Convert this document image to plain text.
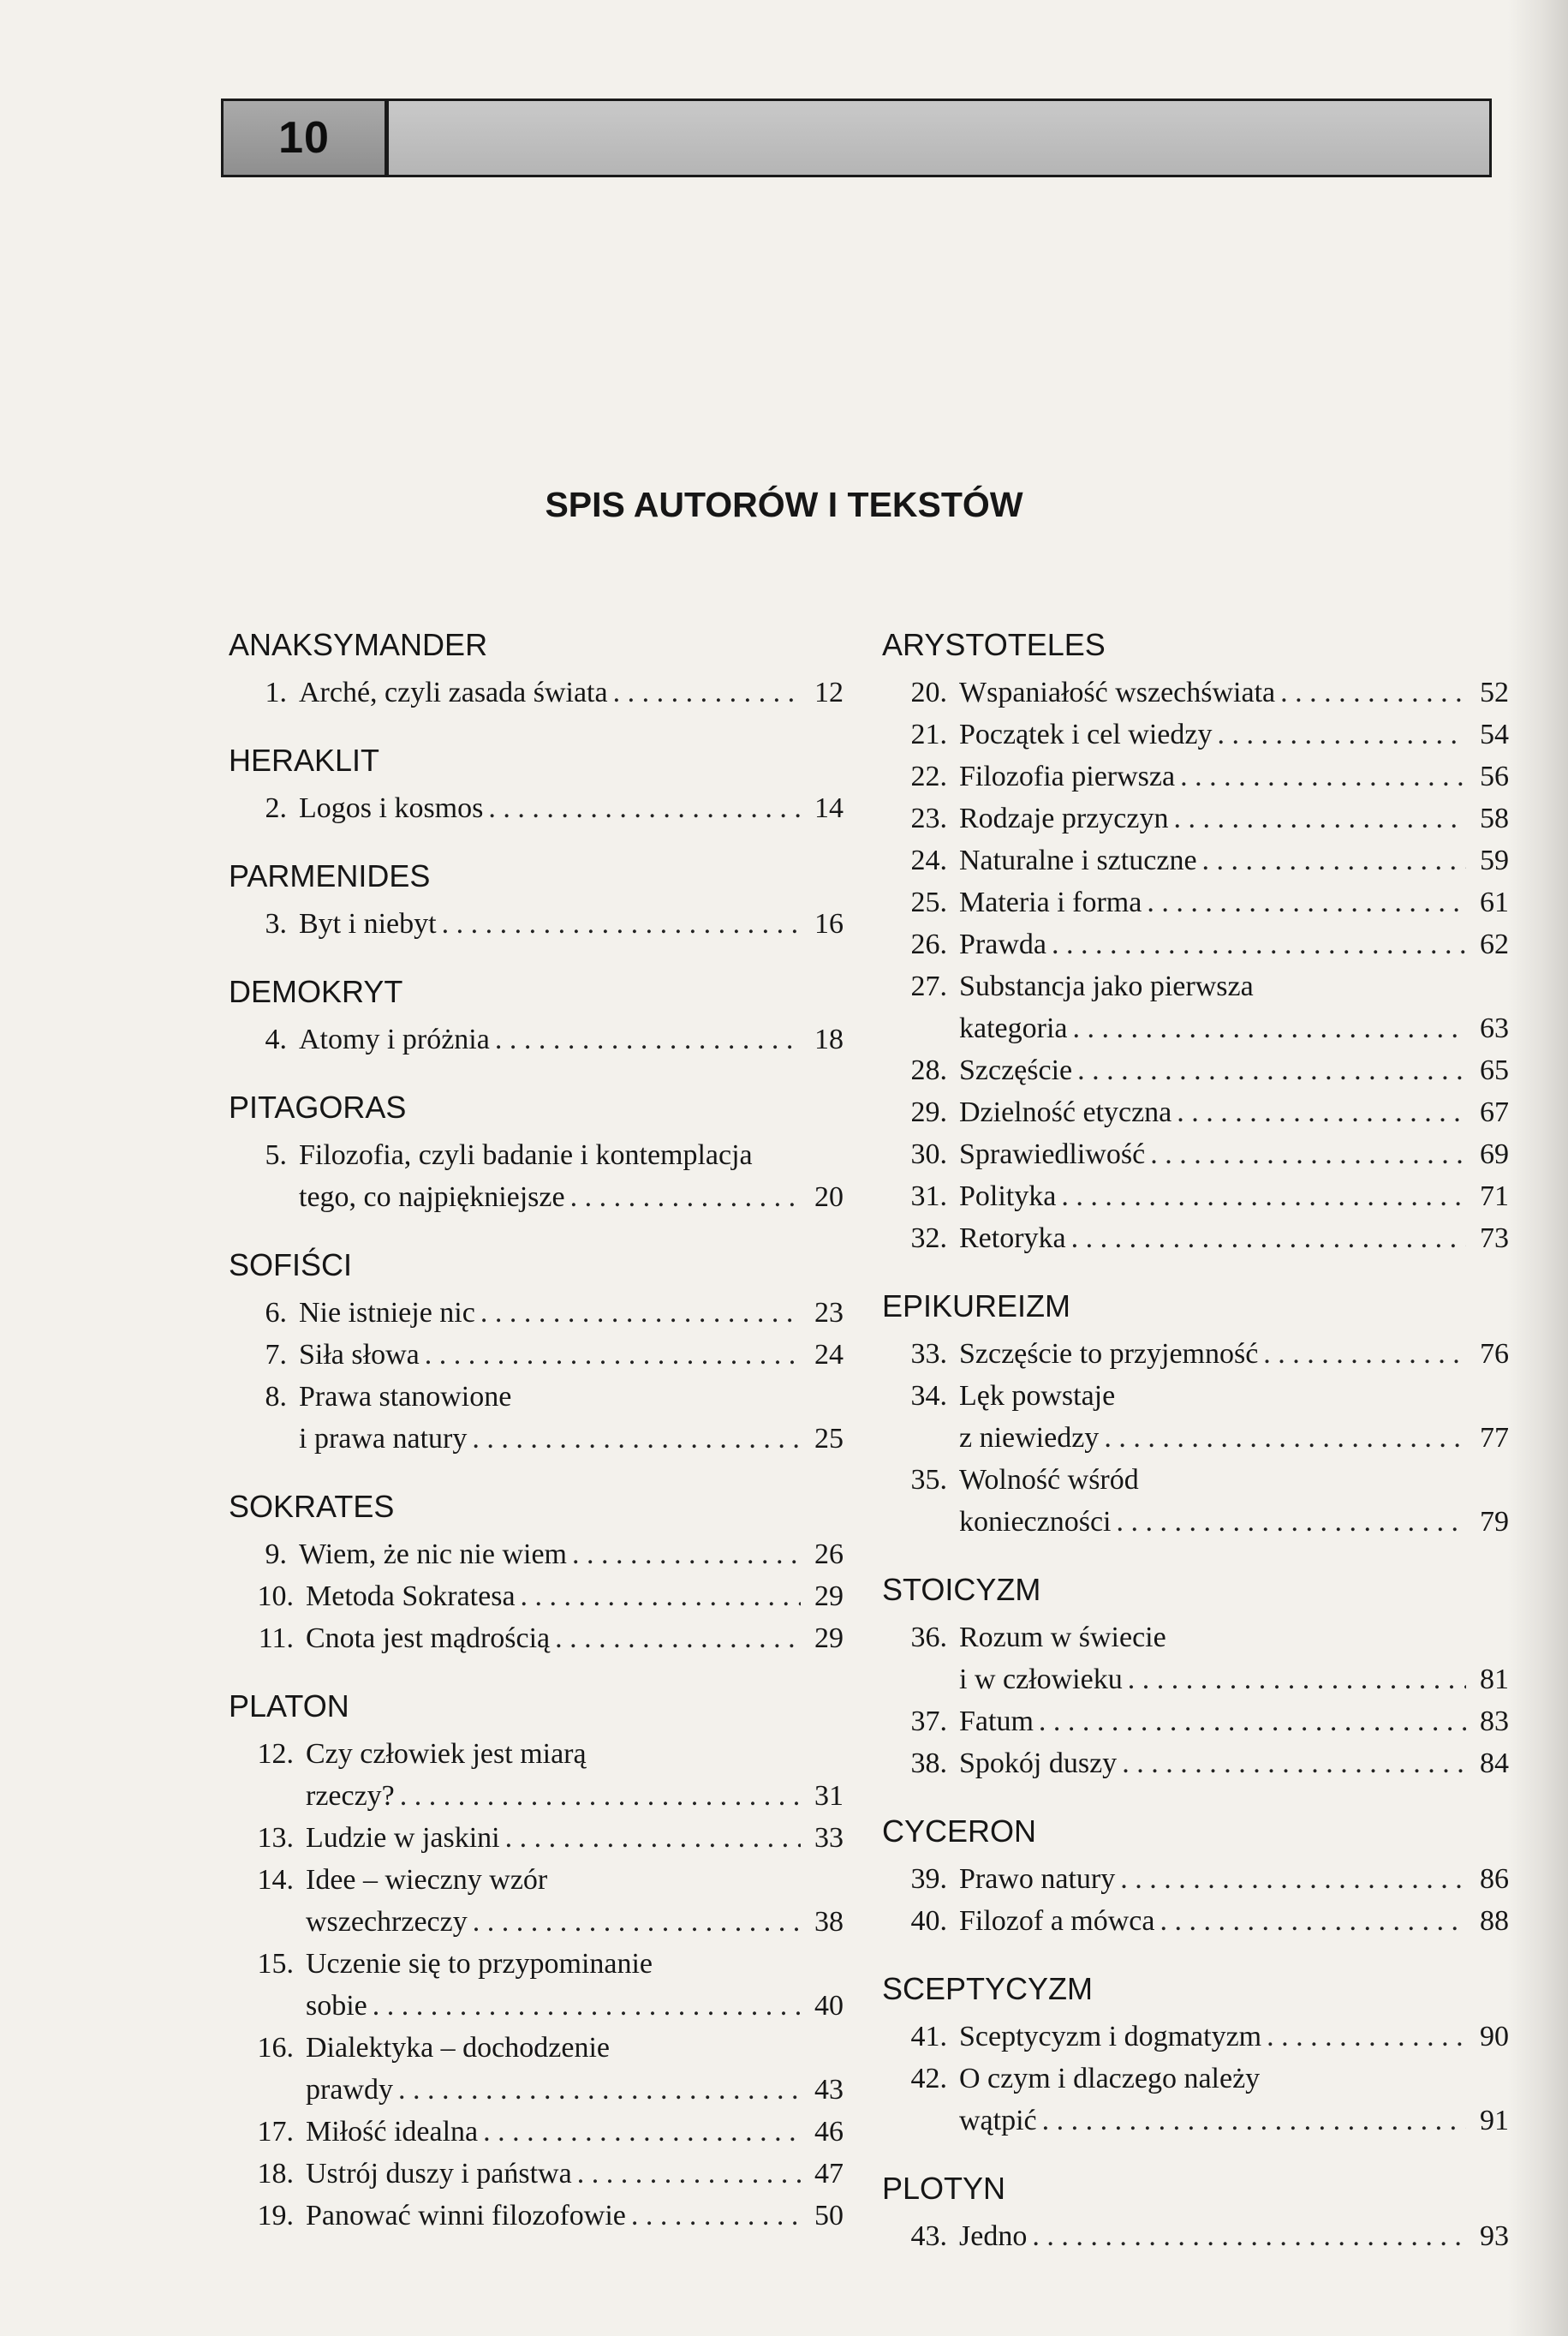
10
SPIS AUTORÓW I TEKSTÓW
ANAKSYMANDER
1. Arché, czyli zasada świata . . .	12
HERAKLIT
2. Logos i kosmos . . .	14
PARMENIDES
3. Byt i niebyt . . .	16
DEMOKRYT
4. Atomy i próżnia . . .	18
PITAGORAS
5. Filozofia, czyli badanie i kontemplacja
tego, co najpiękniejsze . . .	20
SOFIŚCI
6. Nie istnieje nic . . .	23
7. Siła słowa . . .	24
8. Prawa stanowione
i prawa natury . . .	25
SOKRATES
9. Wiem, że nic nie wiem . . .	26
10. Metoda Sokratesa . . .	29
11. Cnota jest mądrością . . .	29
PLATON
12. Czy człowiek jest miarą
rzeczy? . . .	31
13. Ludzie w jaskini . . .	33
14. Idee – wieczny wzór
wszechrzeczy . . .	38
15. Uczenie się to przypominanie
sobie . . .	40
16. Dialektyka – dochodzenie
prawdy . . .	43
17. Miłość idealna . . .	46
18. Ustrój duszy i państwa . . .	47
19. Panować winni filozofowie . . .	50
ARYSTOTELES
20. Wspaniałość wszechświata . . .	52
21. Początek i cel wiedzy . . .	54
22. Filozofia pierwsza . . .	56
23. Rodzaje przyczyn . . .	58
24. Naturalne i sztuczne . . .	59
25. Materia i forma . . .	61
26. Prawda . . .	62
27. Substancja jako pierwsza
kategoria . . .	63
28. Szczęście . . .	65
29. Dzielność etyczna . . .	67
30. Sprawiedliwość . . .	69
31. Polityka . . .	71
32. Retoryka . . .	73
EPIKUREIZM
33. Szczęście to przyjemność . . .	76
34. Lęk powstaje
z niewiedzy . . .	77
35. Wolność wśród
konieczności . . .	79
STOICYZM
36. Rozum w świecie
i w człowieku . . .	81
37. Fatum . . .	83
38. Spokój duszy . . .	84
CYCERON
39. Prawo natury . . .	86
40. Filozof a mówca . . .	88
SCEPTYCYZM
41. Sceptycyzm i dogmatyzm . . .	90
42. O czym i dlaczego należy
wątpić . . .	91
PLOTYN
43. Jedno . . .	93
